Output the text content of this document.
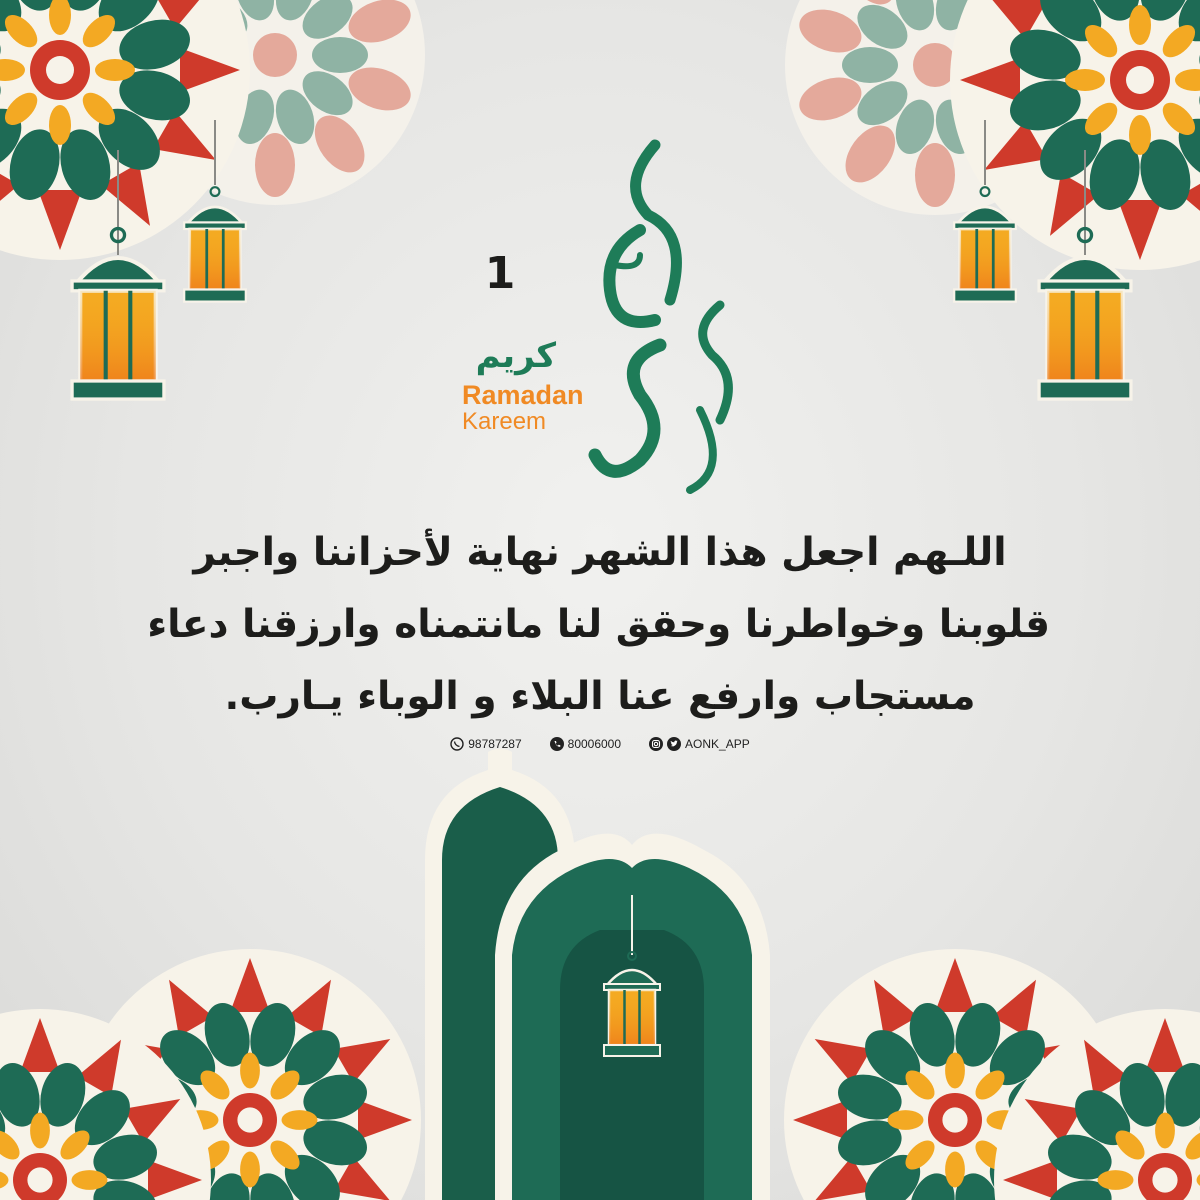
1
كريم
Ramadan
Kareem
اللـهم اجعل هذا الشهر نهاية لأحزاننا واجبر
قلوبنا وخواطرنا وحقق لنا مانتمناه وارزقنا دعاء
مستجاب وارفع عنا البلاء و الوباء يـارب.
98787287	80006000	AONK_APP
